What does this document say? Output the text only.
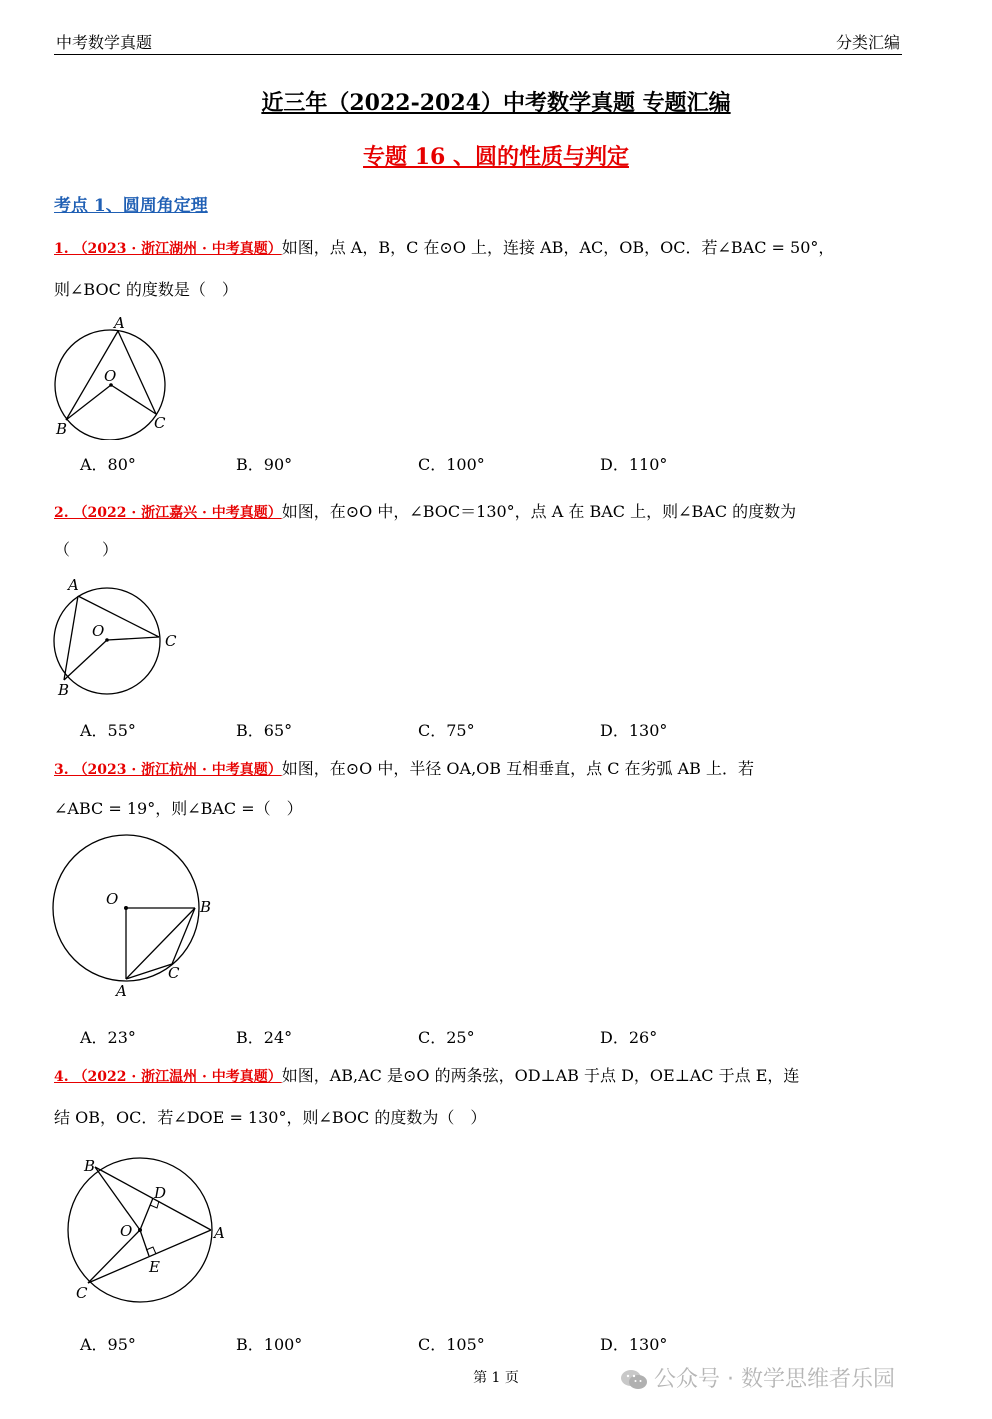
中考数学真题	分类汇编
近三年（2022-2024）中考数学真题 专题汇编
专题 16 、圆的性质与判定
考点 1、圆周角定理
1. （2023 · 浙江湖州 · 中考真题）如图，点 A，B，C 在⊙O 上，连接 AB，AC，OB，OC．若∠BAC = 50°，
则∠BOC 的度数是（　）
A
O
B	C
A．80°	B．90°	C．100°	D．110°
2. （2022 · 浙江嘉兴 · 中考真题）如图，在⊙O 中，∠BOC＝130°，点 A 在 BAC 上，则∠BAC 的度数为
（　　）
A
O
C
B
A．55°	B．65°	C．75°	D．130°
3. （2023 · 浙江杭州 · 中考真题）如图，在⊙O 中，半径 OA,OB 互相垂直，点 C 在劣弧 AB 上．若
∠ABC = 19°，则∠BAC =（　）
O	B
C
A
A．23°	B．24°	C．25°	D．26°
4. （2022 · 浙江温州 · 中考真题）如图，AB,AC 是⊙O 的两条弦，OD⊥AB 于点 D，OE⊥AC 于点 E，连
结 OB，OC．若∠DOE = 130°，则∠BOC 的度数为（　）
B
D
O	A
E
C
A．95°	B．100°	C．105°	D．130°
第 1 页	公众号 · 数学思维者乐园
